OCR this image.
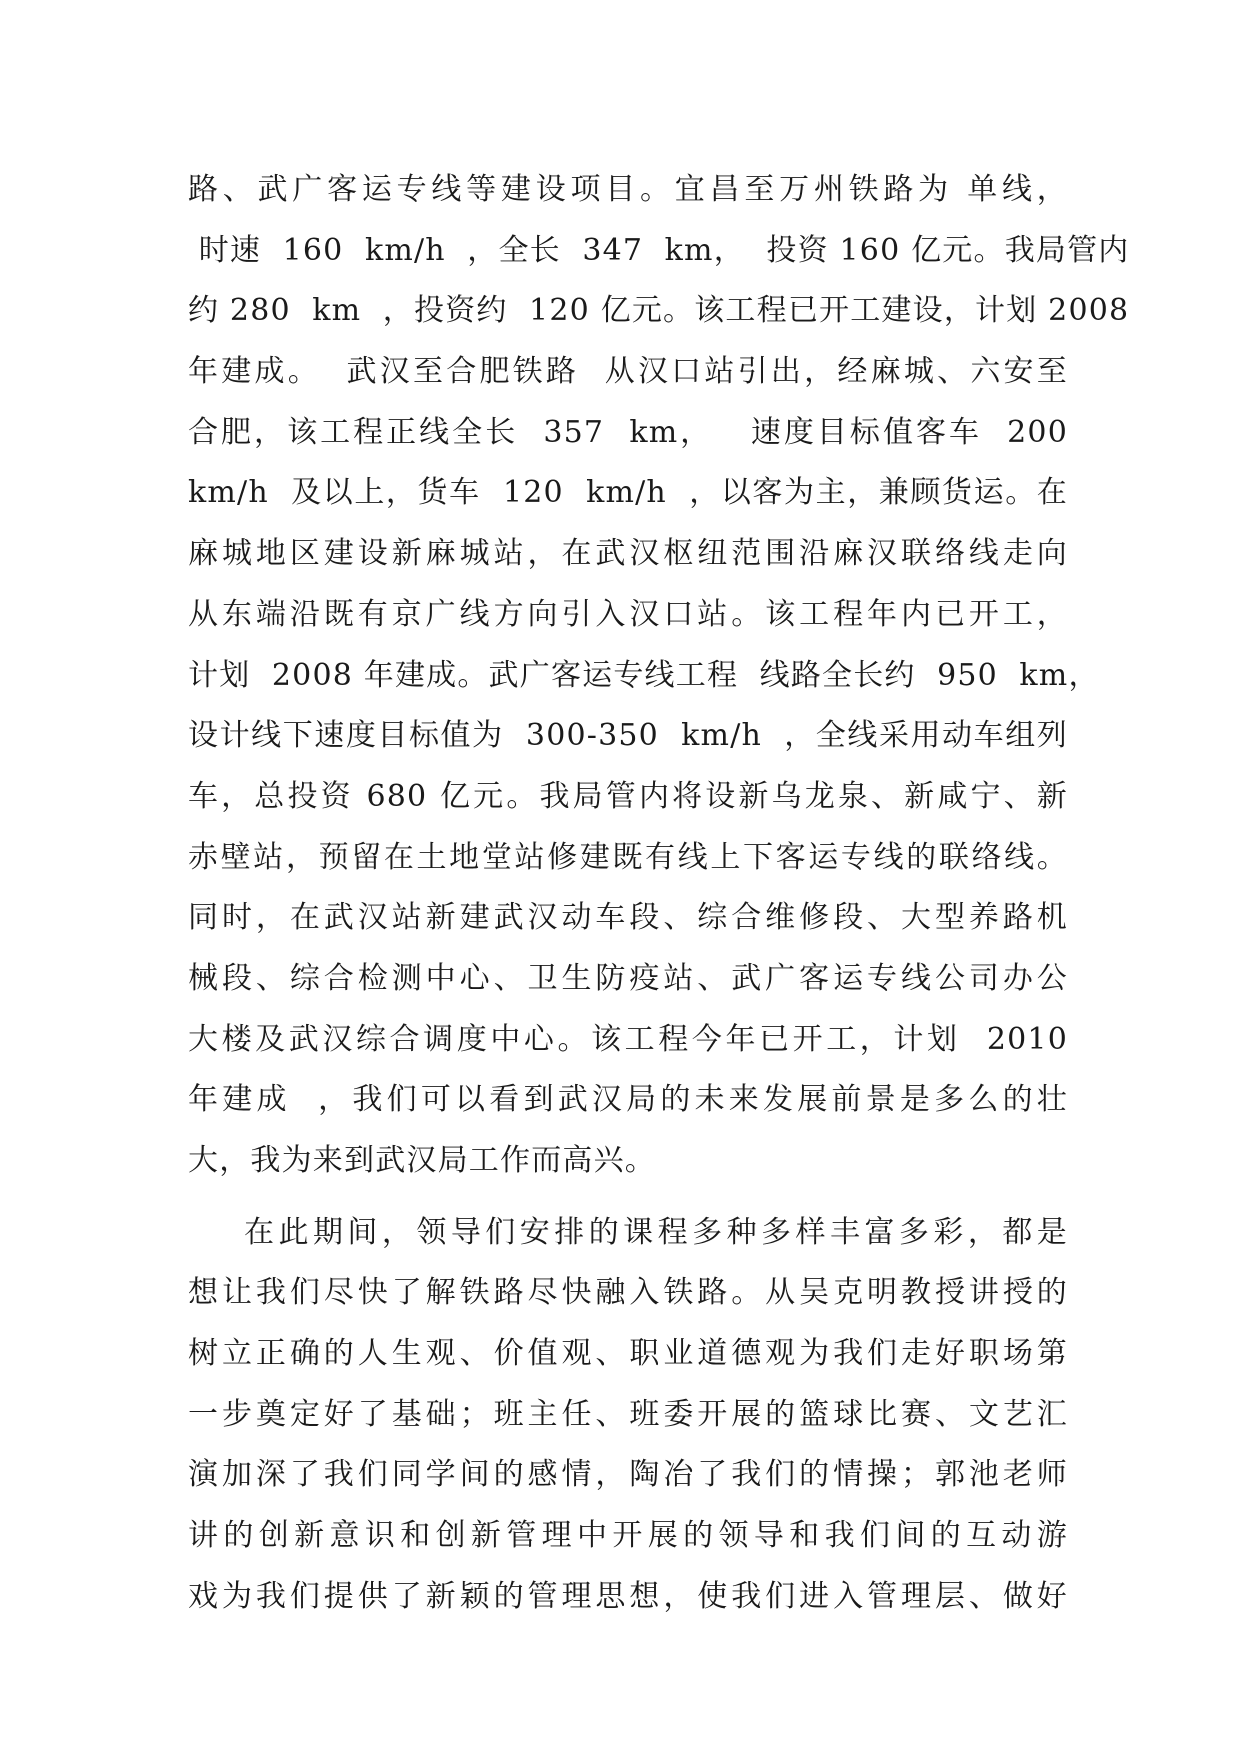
路、武广客运专线等建设项目。宜昌至万州铁路为 单线，
时速  160  km/h  ，全长  347  km，  投资 160 亿元。我局管内
约 280  km  ，投资约  120 亿元。该工程已开工建设，计划 2008
年建成。  武汉至合肥铁路  从汉口站引出，经麻城、六安至
合肥，该工程正线全长  357  km，   速度目标值客车  200
km/h  及以上，货车  120  km/h  ，以客为主，兼顾货运。在
麻城地区建设新麻城站，在武汉枢纽范围沿麻汉联络线走向
从东端沿既有京广线方向引入汉口站。该工程年内已开工，
计划  2008 年建成。武广客运专线工程  线路全长约  950  km，
设计线下速度目标值为  300-350  km/h  ，全线采用动车组列
车，总投资 680 亿元。我局管内将设新乌龙泉、新咸宁、新
赤壁站，预留在土地堂站修建既有线上下客运专线的联络线。
同时，在武汉站新建武汉动车段、综合维修段、大型养路机
械段、综合检测中心、卫生防疫站、武广客运专线公司办公
大楼及武汉综合调度中心。该工程今年已开工，计划  2010
年建成  ，我们可以看到武汉局的未来发展前景是多么的壮
大，我为来到武汉局工作而高兴。
在此期间，领导们安排的课程多种多样丰富多彩，都是
想让我们尽快了解铁路尽快融入铁路。从吴克明教授讲授的
树立正确的人生观、价值观、职业道德观为我们走好职场第
一步奠定好了基础；班主任、班委开展的篮球比赛、文艺汇
演加深了我们同学间的感情，陶冶了我们的情操；郭池老师
讲的创新意识和创新管理中开展的领导和我们间的互动游
戏为我们提供了新颖的管理思想，使我们进入管理层、做好
